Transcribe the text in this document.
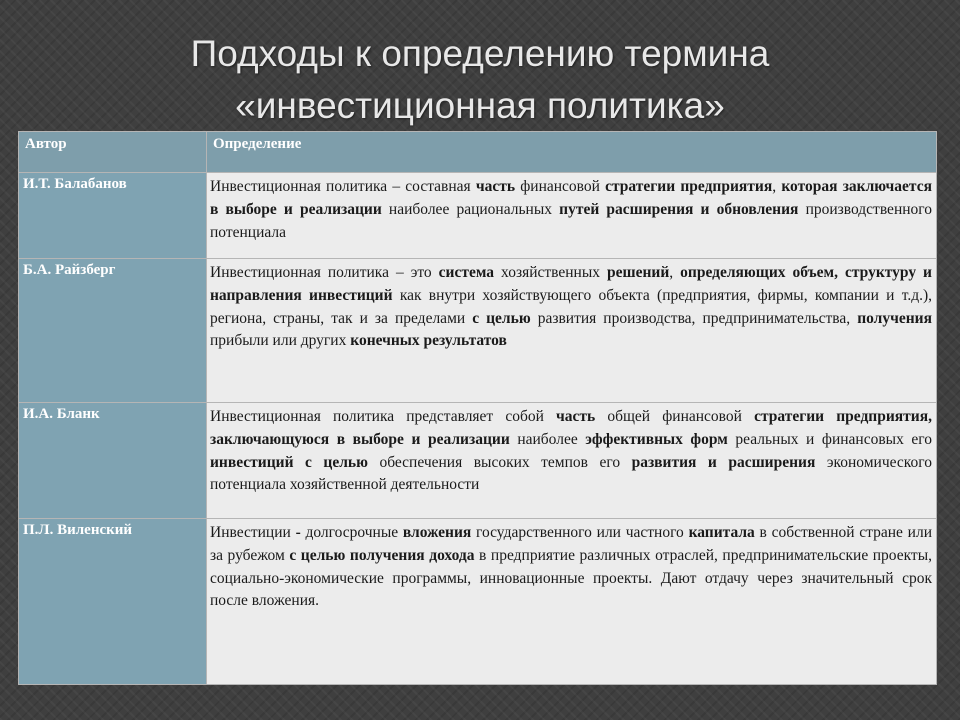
Подходы к определению термина
«инвестиционная политика»
Автор	Определение
И.Т. Балабанов	Инвестиционная политика – составная часть финансовой стратегии предприятия, которая заключается в выборе и реализации наиболее рациональных путей расширения и обновления производственного потенциала
Б.А. Райзберг	Инвестиционная политика – это система хозяйственных решений, определяющих объем, структуру и направления инвестиций как внутри хозяйствующего объекта (предприятия, фирмы, компании и т.д.), региона, страны, так и за пределами с целью развития производства, предпринимательства, получения прибыли или других конечных результатов
И.А. Бланк	Инвестиционная политика представляет собой часть общей финансовой стратегии предприятия, заключающуюся в выборе и реализации наиболее эффективных форм реальных и финансовых его инвестиций с целью обеспечения высоких темпов его развития и расширения экономического потенциала хозяйственной деятельности
П.Л. Виленский	Инвестиции - долгосрочные вложения государственного или частного капитала в собственной стране или за рубежом с целью получения дохода в предприятие различных отраслей, предпринимательские проекты, социально-экономические программы, инновационные проекты. Дают отдачу через значительный срок после вложения.
